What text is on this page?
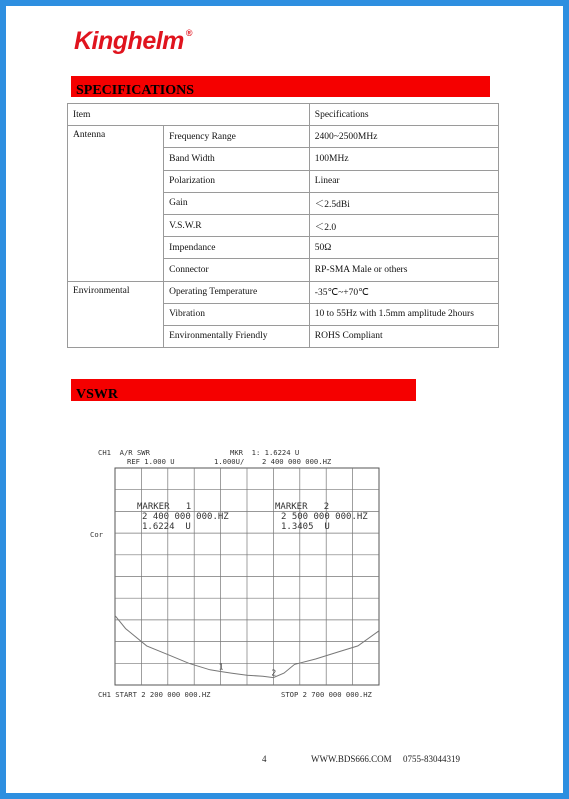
Kinghelm ®
SPECIFICATIONS
Item		Specifications
Antenna	Frequency Range	2400~2500MHz
	Band Width	100MHz
	Polarization	Linear
	Gain	＜2.5dBi
	V.S.W.R	＜2.0
	Impendance	50Ω
	Connector	RP-SMA Male or others
Environmental	Operating Temperature	-35℃~+70℃
	Vibration	10 to 55Hz with 1.5mm amplitude 2hours
	Environmentally Friendly	ROHS Compliant
VSWR
CH1  A/R SWR
REF 1.000 U
MKR  1: 1.6224 U
1.000U/ 2 400 000 000.HZ
Cor
1
2
MARKER   1
2 400 000 000.HZ
1.6224  U
MARKER   2
2 500 000 000.HZ
1.3405  U
CH1 START 2 200 000 000.HZ	STOP 2 700 000 000.HZ
4	WWW.BDS666.COM 0755-83044319
